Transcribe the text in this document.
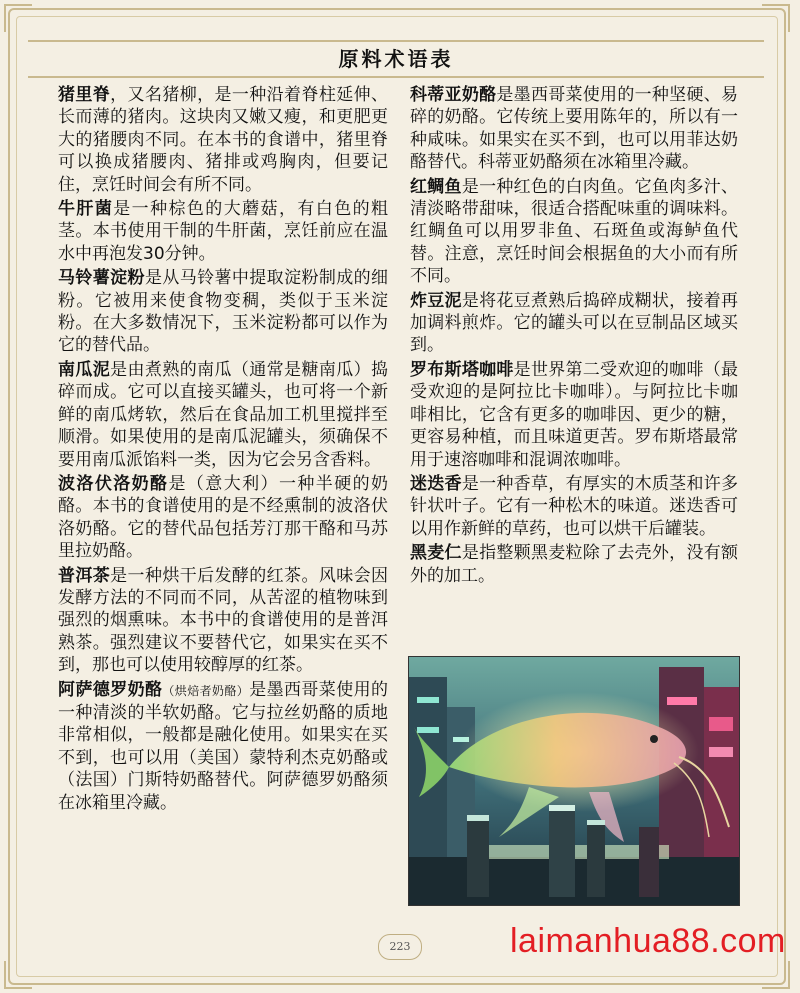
原料术语表

猪里脊，又名猪柳，是一种沿着脊柱延伸、长而薄的猪肉。这块肉又嫩又瘦，和更肥更大的猪腰肉不同。在本书的食谱中，猪里脊可以换成猪腰肉、猪排或鸡胸肉，但要记住，烹饪时间会有所不同。

牛肝菌是一种棕色的大蘑菇，有白色的粗茎。本书使用干制的牛肝菌，烹饪前应在温水中再泡发30分钟。

马铃薯淀粉是从马铃薯中提取淀粉制成的细粉。它被用来使食物变稠，类似于玉米淀粉。在大多数情况下，玉米淀粉都可以作为它的替代品。

南瓜泥是由煮熟的南瓜（通常是糖南瓜）捣碎而成。它可以直接买罐头，也可将一个新鲜的南瓜烤软，然后在食品加工机里搅拌至顺滑。如果使用的是南瓜泥罐头，须确保不要用南瓜派馅料一类，因为它会另含香料。

波洛伏洛奶酪是（意大利）一种半硬的奶酪。本书的食谱使用的是不经熏制的波洛伏洛奶酪。它的替代品包括芳汀那干酪和马苏里拉奶酪。

普洱茶是一种烘干后发酵的红茶。风味会因发酵方法的不同而不同，从苦涩的植物味到强烈的烟熏味。本书中的食谱使用的是普洱熟茶。强烈建议不要替代它，如果实在买不到，那也可以使用较醇厚的红茶。

阿萨德罗奶酪（烘焙者奶酪）是墨西哥菜使用的一种清淡的半软奶酪。它与拉丝奶酪的质地非常相似，一般都是融化使用。如果实在买不到，也可以用（美国）蒙特利杰克奶酪或（法国）门斯特奶酪替代。阿萨德罗奶酪须在冰箱里冷藏。

科蒂亚奶酪是墨西哥菜使用的一种坚硬、易碎的奶酪。它传统上要用陈年的，所以有一种咸味。如果实在买不到，也可以用菲达奶酪替代。科蒂亚奶酪须在冰箱里冷藏。

红鲷鱼是一种红色的白肉鱼。它鱼肉多汁、清淡略带甜味，很适合搭配味重的调味料。红鲷鱼可以用罗非鱼、石斑鱼或海鲈鱼代替。注意，烹饪时间会根据鱼的大小而有所不同。

炸豆泥是将花豆煮熟后捣碎成糊状，接着再加调料煎炸。它的罐头可以在豆制品区域买到。

罗布斯塔咖啡是世界第二受欢迎的咖啡（最受欢迎的是阿拉比卡咖啡）。与阿拉比卡咖啡相比，它含有更多的咖啡因、更少的糖，更容易种植，而且味道更苦。罗布斯塔最常用于速溶咖啡和混调浓咖啡。

迷迭香是一种香草，有厚实的木质茎和许多针状叶子。它有一种松木的味道。迷迭香可以用作新鲜的草药，也可以烘干后罐装。

黑麦仁是指整颗黑麦粒除了去壳外，没有额外的加工。

223	laimanhua88.com
